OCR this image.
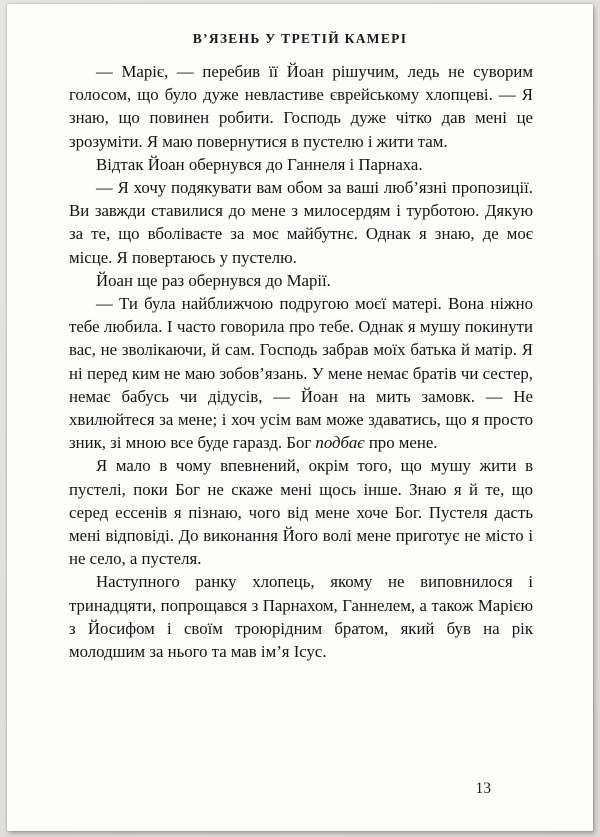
В’ЯЗЕНЬ У ТРЕТІЙ КАМЕРІ

— Маріє, — перебив її Йоан рішучим, ледь не суворим голосом, що було дуже невластиве єврейському хлопцеві. — Я знаю, що повинен робити. Господь дуже чітко дав мені це зрозуміти. Я маю повернутися в пустелю і жити там.

Відтак Йоан обернувся до Ганнеля і Парнаха.

— Я хочу подякувати вам обом за ваші люб’язні пропозиції. Ви завжди ставилися до мене з милосердям і турботою. Дякую за те, що вболіваєте за моє майбутнє. Однак я знаю, де моє місце. Я повертаюсь у пустелю.

Йоан ще раз обернувся до Марії.

— Ти була найближчою подругою моєї матері. Вона ніжно тебе любила. І часто говорила про тебе. Однак я мушу покинути вас, не зволікаючи, й сам. Господь забрав моїх батька й матір. Я ні перед ким не маю зобов’язань. У мене немає братів чи сестер, немає бабусь чи дідусів, — Йоан на мить замовк. — Не хвилюйтеся за мене; і хоч усім вам може здаватись, що я просто зник, зі мною все буде гаразд. Бог подбає про мене.

Я мало в чому впевнений, окрім того, що мушу жити в пустелі, поки Бог не скаже мені щось інше. Знаю я й те, що серед ессенів я пізнаю, чого від мене хоче Бог. Пустеля дасть мені відповіді. До виконання Його волі мене приготує не місто і не село, а пустеля.

Наступного ранку хлопець, якому не виповнилося і тринадцяти, попрощався з Парнахом, Ганнелем, а також Марією з Йосифом і своїм троюрідним братом, який був на рік молодшим за нього та мав ім’я Ісус.

13
